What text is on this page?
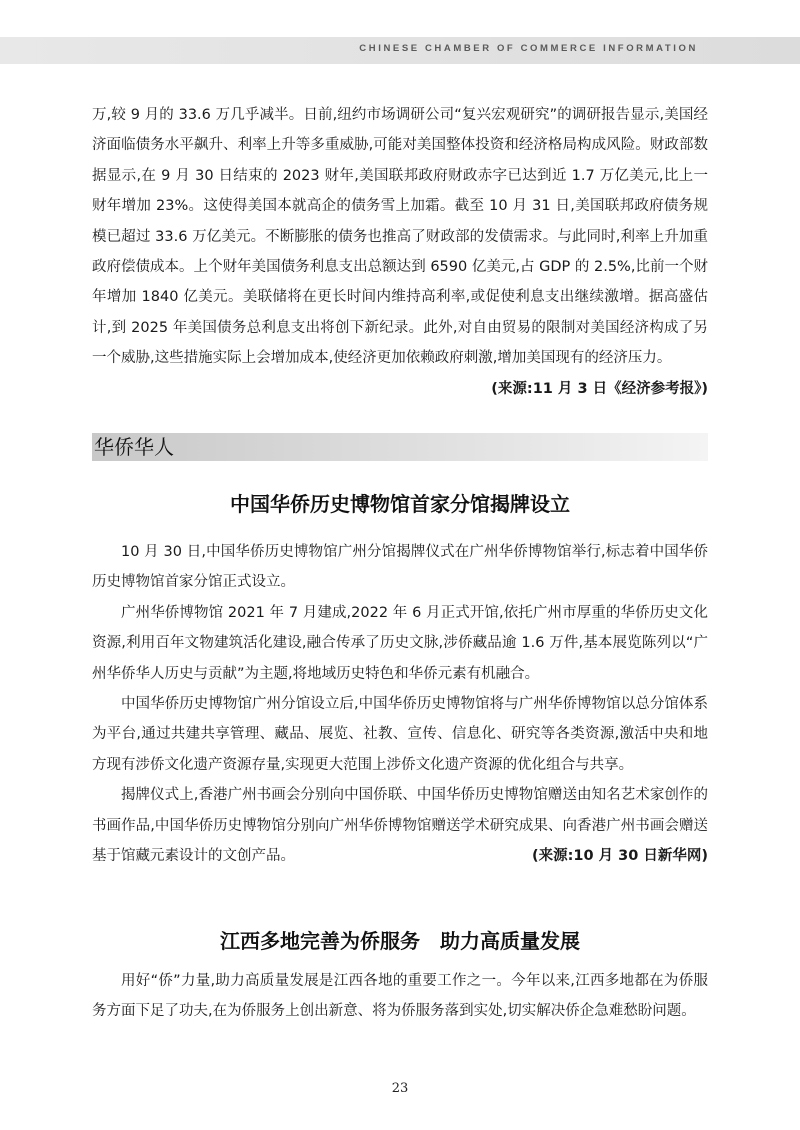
CHINESE CHAMBER OF COMMERCE INFORMATION

万,较 9 月的 33.6 万几乎减半。日前,纽约市场调研公司“复兴宏观研究”的调研报告显示,美国经济面临债务水平飙升、利率上升等多重威胁,可能对美国整体投资和经济格局构成风险。财政部数据显示,在 9 月 30 日结束的 2023 财年,美国联邦政府财政赤字已达到近 1.7 万亿美元,比上一财年增加 23%。这使得美国本就高企的债务雪上加霜。截至 10 月 31 日,美国联邦政府债务规模已超过 33.6 万亿美元。不断膨胀的债务也推高了财政部的发债需求。与此同时,利率上升加重政府偿债成本。上个财年美国债务利息支出总额达到 6590 亿美元,占 GDP 的 2.5%,比前一个财年增加 1840 亿美元。美联储将在更长时间内维持高利率,或促使利息支出继续激增。据高盛估计,到 2025 年美国债务总利息支出将创下新纪录。此外,对自由贸易的限制对美国经济构成了另一个威胁,这些措施实际上会增加成本,使经济更加依赖政府刺激,增加美国现有的经济压力。
(来源:11 月 3 日《经济参考报》)

华侨华人
中国华侨历史博物馆首家分馆揭牌设立

10 月 30 日,中国华侨历史博物馆广州分馆揭牌仪式在广州华侨博物馆举行,标志着中国华侨历史博物馆首家分馆正式设立。

广州华侨博物馆 2021 年 7 月建成,2022 年 6 月正式开馆,依托广州市厚重的华侨历史文化资源,利用百年文物建筑活化建设,融合传承了历史文脉,涉侨藏品逾 1.6 万件,基本展览陈列以“广州华侨华人历史与贡献”为主题,将地域历史特色和华侨元素有机融合。

中国华侨历史博物馆广州分馆设立后,中国华侨历史博物馆将与广州华侨博物馆以总分馆体系为平台,通过共建共享管理、藏品、展览、社教、宣传、信息化、研究等各类资源,激活中央和地方现有涉侨文化遗产资源存量,实现更大范围上涉侨文化遗产资源的优化组合与共享。

揭牌仪式上,香港广州书画会分别向中国侨联、中国华侨历史博物馆赠送由知名艺术家创作的书画作品,中国华侨历史博物馆分别向广州华侨博物馆赠送学术研究成果、向香港广州书画会赠送基于馆藏元素设计的文创产品。	(来源:10 月 30 日新华网)

江西多地完善为侨服务　助力高质量发展

用好“侨”力量,助力高质量发展是江西各地的重要工作之一。今年以来,江西多地都在为侨服务方面下足了功夫,在为侨服务上创出新意、将为侨服务落到实处,切实解决侨企急难愁盼问题。

23
